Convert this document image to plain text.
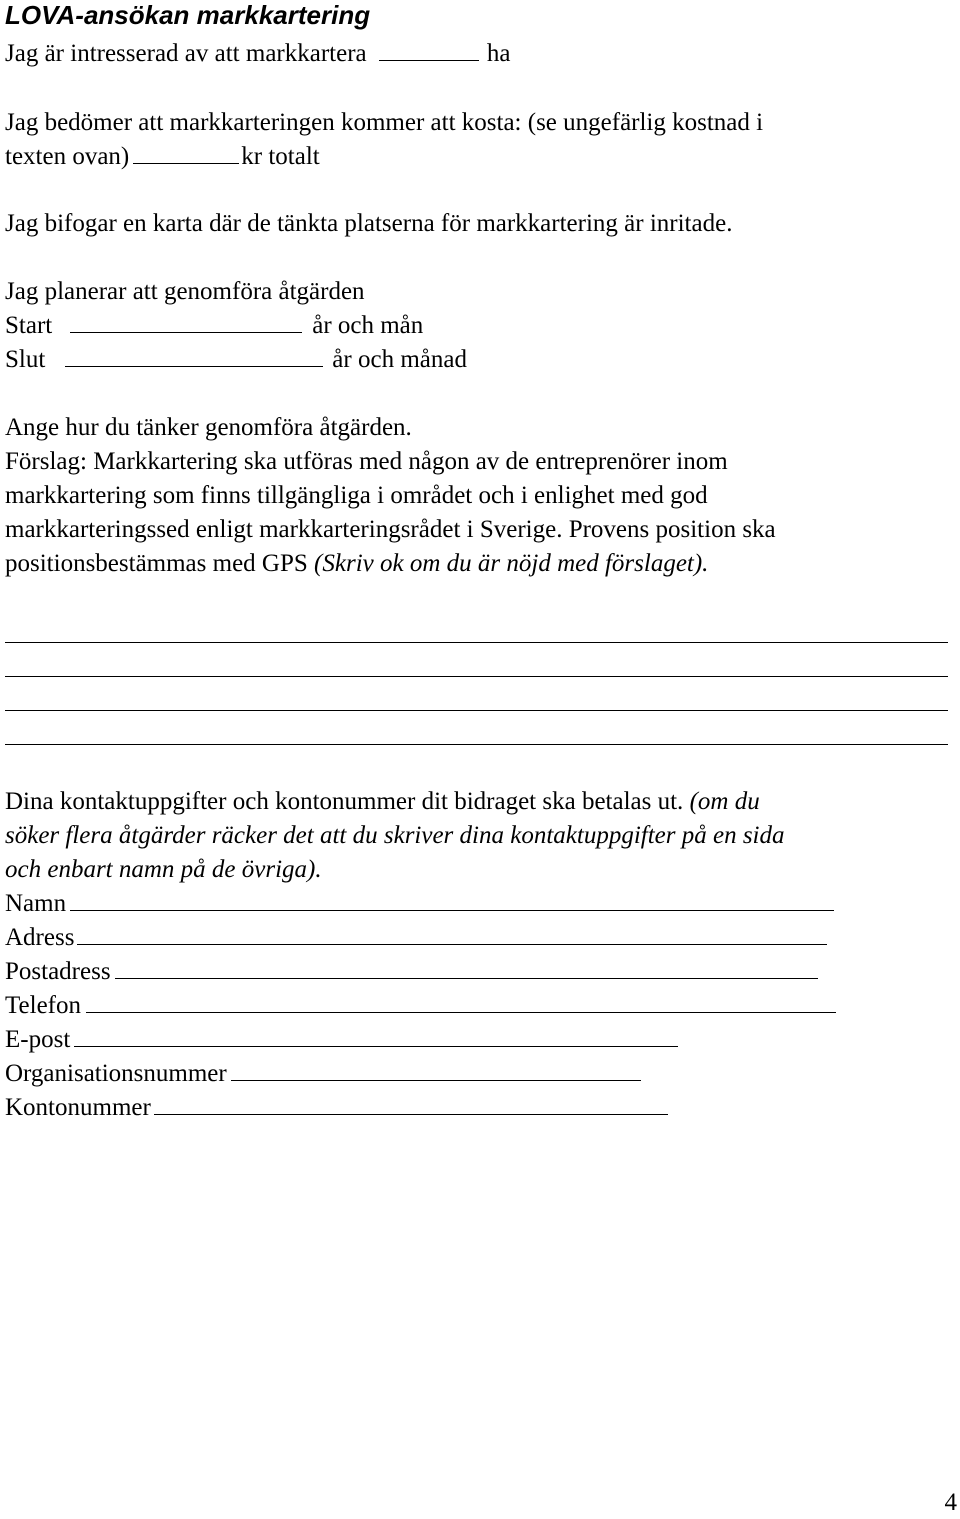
LOVA-ansökan markkartering
Jag är intresserad av att markkartera	ha
Jag bedömer att markkarteringen kommer att kosta: (se ungefärlig kostnad i
texten ovan)	kr totalt
Jag bifogar en karta där de tänkta platserna för markkartering är inritade.
Jag planerar att genomföra åtgärden
Start	år och mån
Slut	år och månad
Ange hur du tänker genomföra åtgärden.
Förslag: Markkartering ska utföras med någon av de entreprenörer inom
markkartering som finns tillgängliga i området och i enlighet med god
markkarteringssed enligt markkarteringsrådet i Sverige. Provens position ska
positionsbestämmas med GPS (Skriv ok om du är nöjd med förslaget).
Dina kontaktuppgifter och kontonummer dit bidraget ska betalas ut. (om du
söker flera åtgärder räcker det att du skriver dina kontaktuppgifter på en sida
och enbart namn på de övriga).
Namn
Adress
Postadress
Telefon
E-post
Organisationsnummer
Kontonummer
4
